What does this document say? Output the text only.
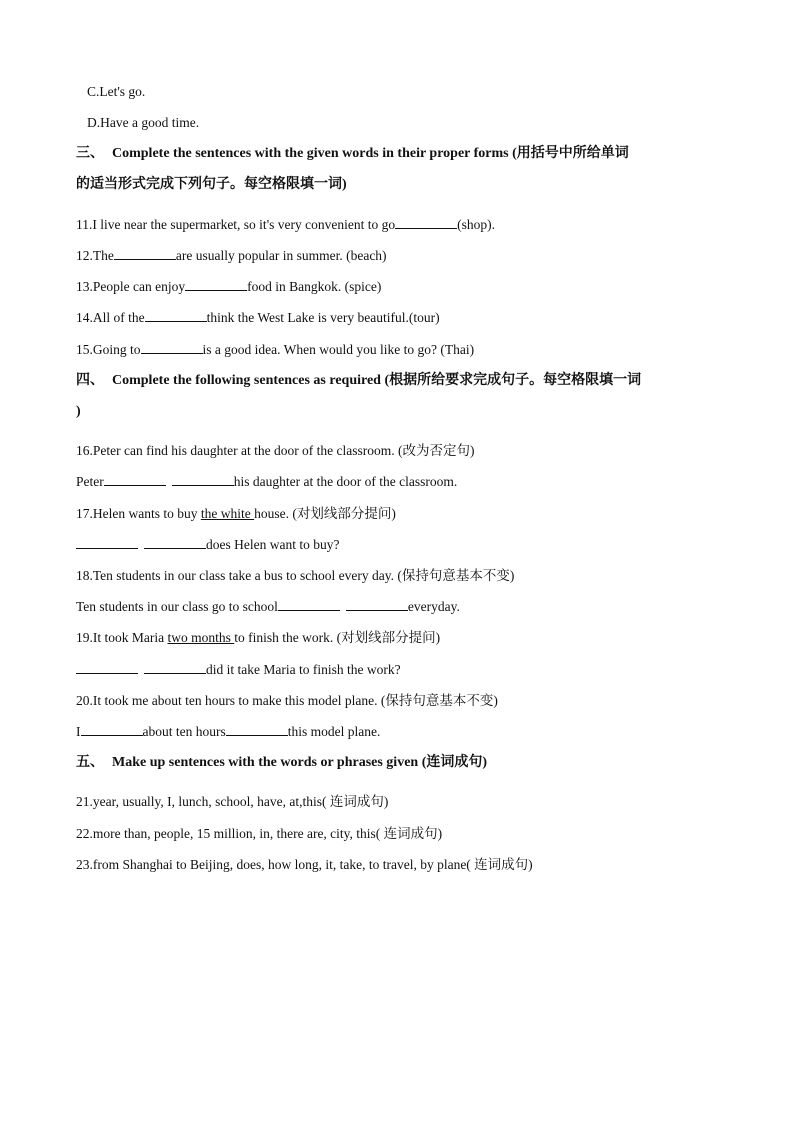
C.Let's go.
D.Have a good time.
三、 Complete the sentences with the given words in their proper forms (用括号中所给单词
的适当形式完成下列句子。每空格限填一词)
11.I live near the supermarket, so it's very convenient to go	(shop).
12.The	are usually popular in summer. (beach)
13.People can enjoy	food in Bangkok. (spice)
14.All of the	think the West Lake is very beautiful.(tour)
15.Going to	is a good idea. When would you like to go? (Thai)
四、 Complete the following sentences as required (根据所给要求完成句子。每空格限填一词
)
16.Peter can find his daughter at the door of the classroom. (改为否定句)
Peter	his daughter at the door of the classroom.
17.Helen wants to buy the white house. (对划线部分提问)
does Helen want to buy?
18.Ten students in our class take a bus to school every day. (保持句意基本不变)
Ten students in our class go to school	everyday.
19.It took Maria two months to finish the work. (对划线部分提问)
did it take Maria to finish the work?
20.It took me about ten hours to make this model plane. (保持句意基本不变)
I	about ten hours	this model plane.
五、 Make up sentences with the words or phrases given (连词成句)
21.year, usually, I, lunch, school, have, at,this( 连词成句)
22.more than, people, 15 million, in, there are, city, this( 连词成句)
23.from Shanghai to Beijing, does, how long, it, take, to travel, by plane( 连词成句)
